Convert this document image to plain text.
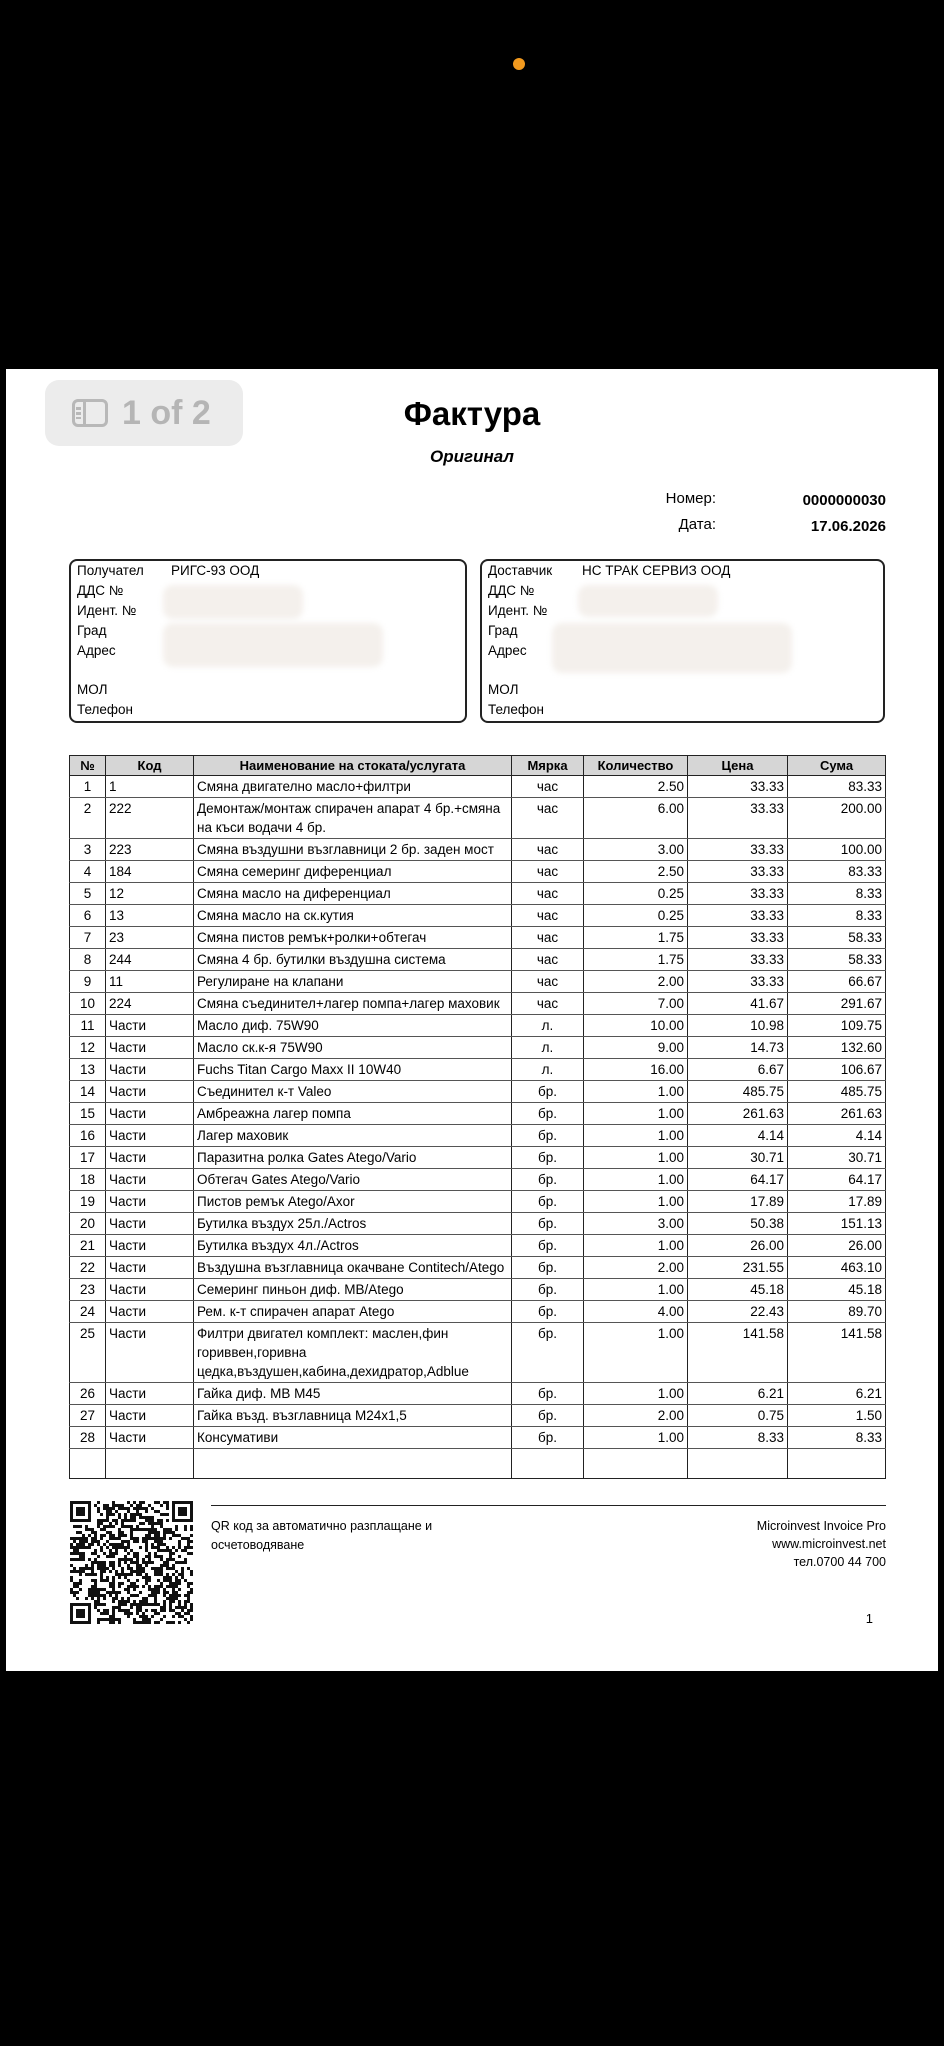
1 of 2	Фактура
Оригинал
Номер:	0000000030
Дата:	17.06.2026
Получател РИГС-93 ООД
ДДС №
Идент. №
Град
Адрес
МОЛ
Телефон
Доставчик НС ТРАК СЕРВИЗ ООД
ДДС №
Идент. №
Град
Адрес
МОЛ
Телефон
№	Код	Наименование на стоката/услугата	Мярка	Количество	Цена	Сума
1	1	Смяна двигателно масло+филтри	час	2.50	33.33	83.33
2	222	Демонтаж/монтаж спирачен апарат 4 бр.+смяна на къси водачи 4 бр.	час	6.00	33.33	200.00
3	223	Смяна въздушни възглавници 2 бр. заден мост	час	3.00	33.33	100.00
4	184	Смяна семеринг диференциал	час	2.50	33.33	83.33
5	12	Смяна масло на диференциал	час	0.25	33.33	8.33
6	13	Смяна масло на ск.кутия	час	0.25	33.33	8.33
7	23	Смяна пистов ремък+ролки+обтегач	час	1.75	33.33	58.33
8	244	Смяна 4 бр. бутилки въздушна система	час	1.75	33.33	58.33
9	11	Регулиране на клапани	час	2.00	33.33	66.67
10	224	Смяна съединител+лагер помпа+лагер маховик	час	7.00	41.67	291.67
11	Части	Масло диф. 75W90	л.	10.00	10.98	109.75
12	Части	Масло ск.к-я 75W90	л.	9.00	14.73	132.60
13	Части	Fuchs Titan Cargo Maxx II 10W40	л.	16.00	6.67	106.67
14	Части	Съединител к-т Valeo	бр.	1.00	485.75	485.75
15	Части	Амбреажна лагер помпа	бр.	1.00	261.63	261.63
16	Части	Лагер маховик	бр.	1.00	4.14	4.14
17	Части	Паразитна ролка Gates Atego/Vario	бр.	1.00	30.71	30.71
18	Части	Обтегач Gates Atego/Vario	бр.	1.00	64.17	64.17
19	Части	Пистов ремък Atego/Axor	бр.	1.00	17.89	17.89
20	Части	Бутилка въздух 25л./Actros	бр.	3.00	50.38	151.13
21	Части	Бутилка въздух 4л./Actros	бр.	1.00	26.00	26.00
22	Части	Въздушна възглавница окачване Contitech/Atego	бр.	2.00	231.55	463.10
23	Части	Семеринг пиньон диф. MB/Atego	бр.	1.00	45.18	45.18
24	Части	Рем. к-т спирачен апарат Atego	бр.	4.00	22.43	89.70
25	Части	Филтри двигател комплект: маслен,фин гориввен,горивна цедка,въздушен,кабина,дехидратор,Adblue	бр.	1.00	141.58	141.58
26	Части	Гайка диф. MB M45	бр.	1.00	6.21	6.21
27	Части	Гайка възд. възглавница M24x1,5	бр.	2.00	0.75	1.50
28	Части	Консумативи	бр.	1.00	8.33	8.33

QR код за автоматично разплащане и осчетоводяване
Microinvest Invoice Pro
www.microinvest.net
тел.0700 44 700
1
